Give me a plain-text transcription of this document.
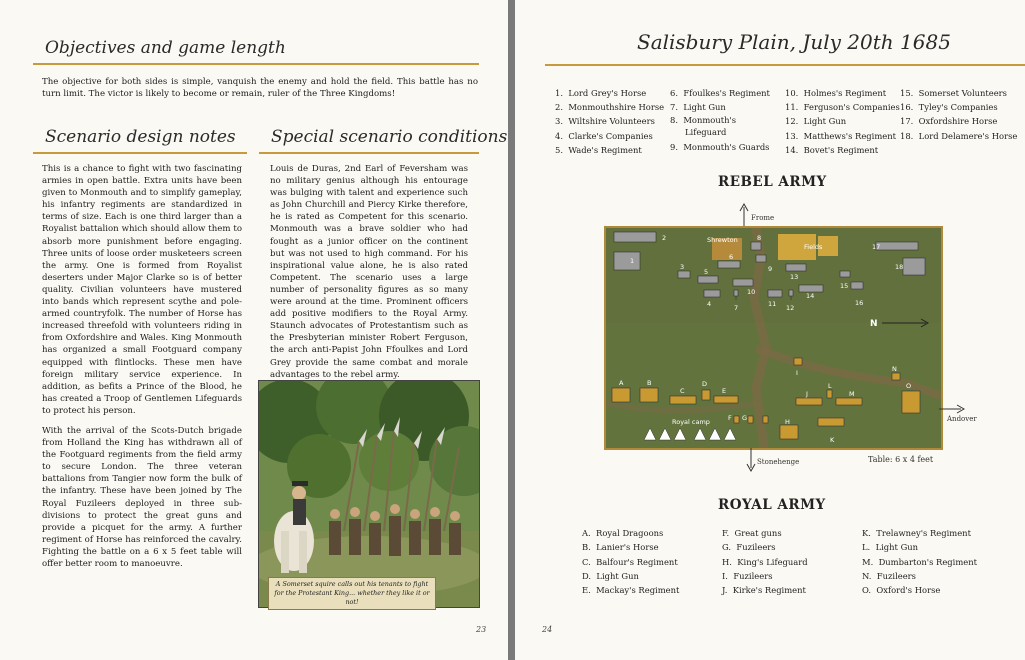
Objectives and game length
The objective for both sides is simple, vanquish the enemy and hold the field. This battle has no turn limit. The victor is likely to become or remain, ruler of the Three Kingdoms!
Scenario design notes

This is a chance to fight with two fascinating armies in open battle. Extra units have been given to Monmouth and to simplify gameplay, his infantry regiments are standardized in terms of size. Each is one third larger than a Royalist battalion which should allow them to absorb more punishment before engaging. Three units of loose order musketeers screen the army. One is formed from Royalist deserters under Major Clarke so is of better quality. Civilian volunteers have mustered into bands which represent scythe and pole-armed countryfolk. The number of Horse has increased threefold with volunteers riding in from Oxfordshire and Wales. King Monmouth has organized a small Footguard company equipped with flintlocks. These men have foreign military service experience. In addition, as befits a Prince of the Blood, he has created a Troop of Gentlemen Lifeguards to protect his person.

With the arrival of the Scots-Dutch brigade from Holland the King has withdrawn all of the Footguard regiments from the field army to secure London. The three veteran battalions from Tangier now form the bulk of the infantry. These have been joined by The Royal Fuzileers deployed in three sub-divisions to protect the great guns and provide a picquet for the army. A further regiment of Horse has reinforced the cavalry. Fighting the battle on a 6 x 5 feet table will offer better room to manoeuvre.

Special scenario conditions
Louis de Duras, 2nd Earl of Feversham was no military genius although his entourage was bulging with talent and experience such as John Churchill and Piercy Kirke therefore, he is rated as Competent for this scenario. Monmouth was a brave soldier who had fought as a junior officer on the continent but was not used to high command. For his inspirational value alone, he is also rated Competent. The scenario uses a large number of personality figures as so many were around at the time. Prominent officers add positive modifiers to the Royal Army. Staunch advocates of Protestantism such as the Presbyterian minister Robert Ferguson, the arch anti-Papist John Ffoulkes and Lord Grey provide the same combat and morale advantages to the rebel army.
A Somerset squire calls out his tenants to fight for the Protestant King... whether they like it or not!
23
Salisbury Plain, July 20th 1685
1. Lord Grey's Horse
2. Monmouthshire Horse
3. Wiltshire Volunteers
4. Clarke's Companies
5. Wade's Regiment
6. Ffoulkes's Regiment
7. Light Gun
8. Monmouth's Lifeguard
9. Monmouth's Guards
10. Holmes's Regiment
11. Ferguson's Companies
12. Light Gun
13. Matthews's Regiment
14. Bovet's Regiment
15. Somerset Volunteers
16. Tyley's Companies
17. Oxfordshire Horse
18. Lord Delamere's Horse
REBEL ARMY
Frome
Shrewton
Fields
Royal camp
N
1
2
3
4
5
6
7
8
9
10
11 12
13
14
15
16
17
18
A	B
C
D
E
F G	H
I
J
K
L
M
N
O
Andover
Stonehenge	Table: 6 x 4 feet
ROYAL ARMY
A. Royal Dragoons
B. Lanier's Horse
C. Balfour's Regiment
D. Light Gun
E. Mackay's Regiment
F. Great guns
G. Fuzileers
H. King's Lifeguard
I. Fuzileers
J. Kirke's Regiment
K. Trelawney's Regiment
L. Light Gun
M. Dumbarton's Regiment
N. Fuzileers
O. Oxford's Horse
24
